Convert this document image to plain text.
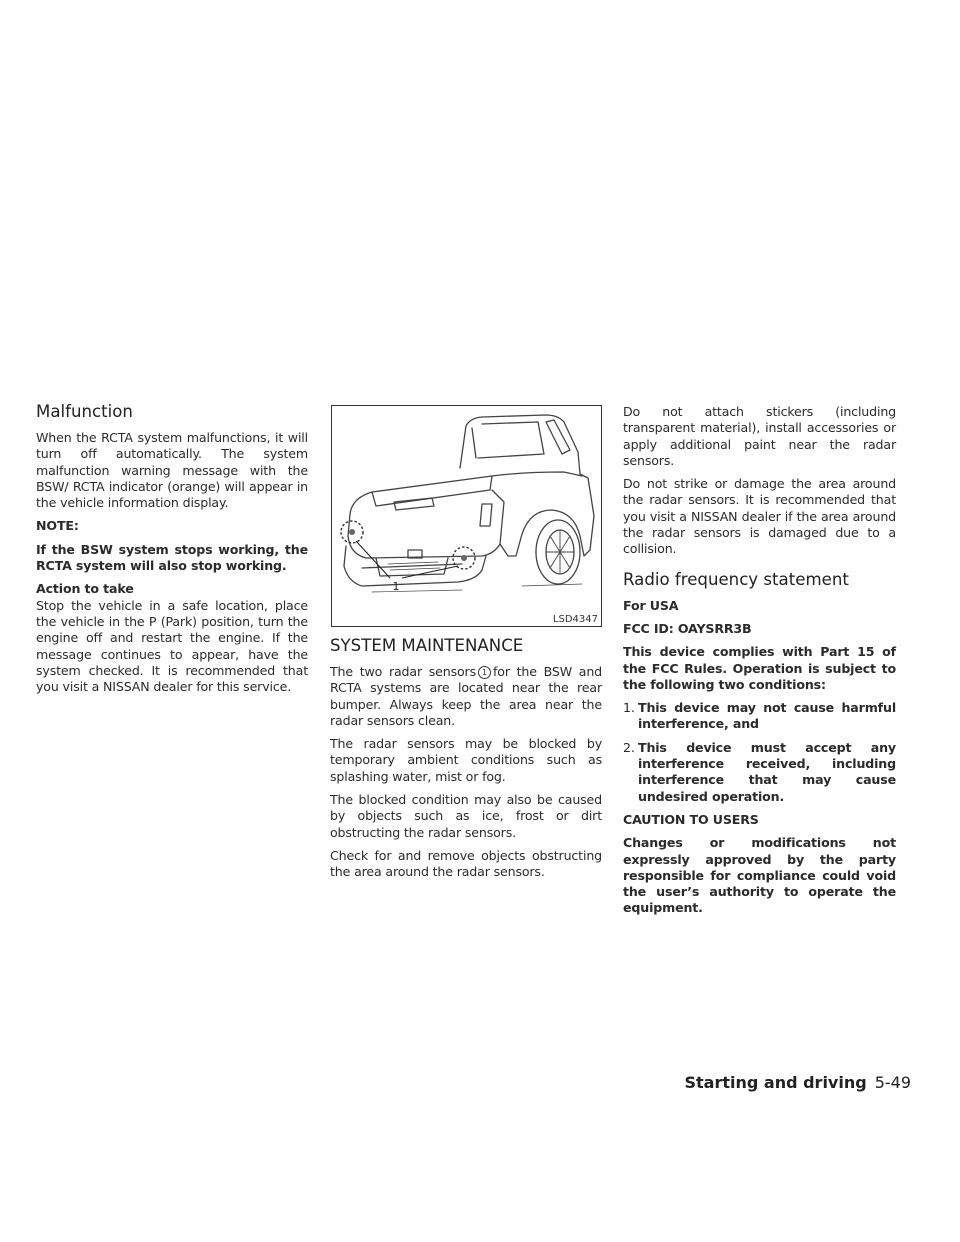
Malfunction

When the RCTA system malfunctions, it will turn off automatically. The system malfunction warning message with the BSW/ RCTA indicator (orange) will appear in the vehicle information display.

NOTE:

If the BSW system stops working, the RCTA system will also stop working.

Action to take

Stop the vehicle in a safe location, place the vehicle in the P (Park) position, turn the engine off and restart the engine. If the message continues to appear, have the system checked. It is recommended that you visit a NISSAN dealer for this service.

1
LSD4347
SYSTEM MAINTENANCE

The two radar sensors 1 for the BSW and RCTA systems are located near the rear bumper. Always keep the area near the radar sensors clean.

The radar sensors may be blocked by temporary ambient conditions such as splashing water, mist or fog.

The blocked condition may also be caused by objects such as ice, frost or dirt obstructing the radar sensors.

Check for and remove objects obstructing the area around the radar sensors.

Do not attach stickers (including transparent material), install accessories or apply additional paint near the radar sensors.

Do not strike or damage the area around the radar sensors. It is recommended that you visit a NISSAN dealer if the area around the radar sensors is damaged due to a collision.

Radio frequency statement

For USA

FCC ID: OAYSRR3B

This device complies with Part 15 of the FCC Rules. Operation is subject to the following two conditions:

1. This device may not cause harmful interference, and
2. This device must accept any interference received, including interference that may cause undesired operation.

CAUTION TO USERS

Changes or modifications not expressly approved by the party responsible for compliance could void the user’s authority to operate the equipment.

Starting and driving 5-49
